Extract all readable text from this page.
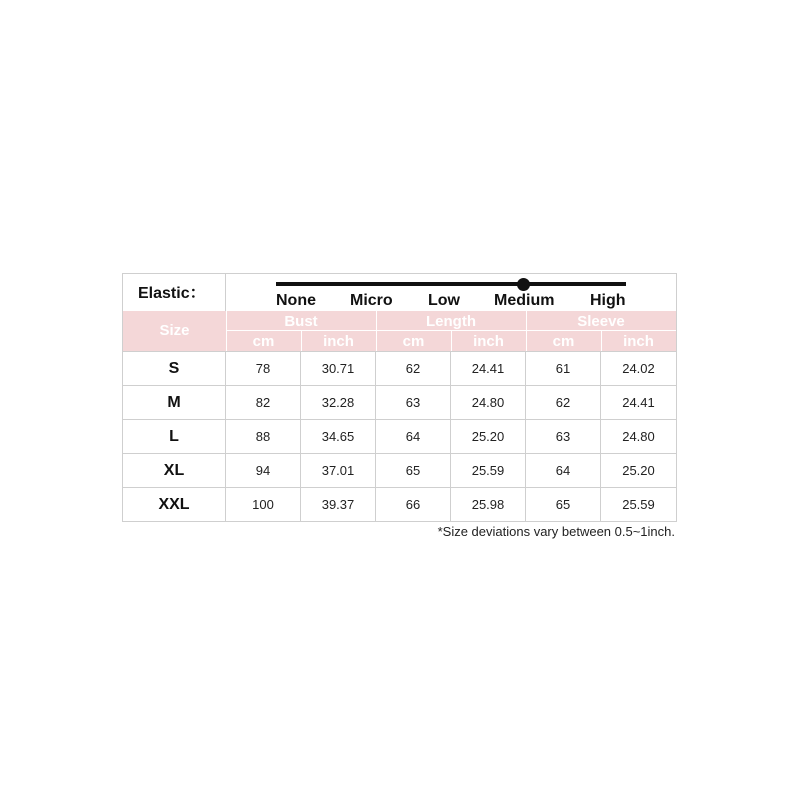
Elastic：	None Micro Low Medium High
Size
Bust	Length	Sleeve
cm	inch	cm	inch	cm	inch
S	78	30.71	62	24.41	61	24.02
M	82	32.28	63	24.80	62	24.41
L	88	34.65	64	25.20	63	24.80
XL	94	37.01	65	25.59	64	25.20
XXL	100	39.37	66	25.98	65	25.59
*Size deviations vary between 0.5~1inch.
